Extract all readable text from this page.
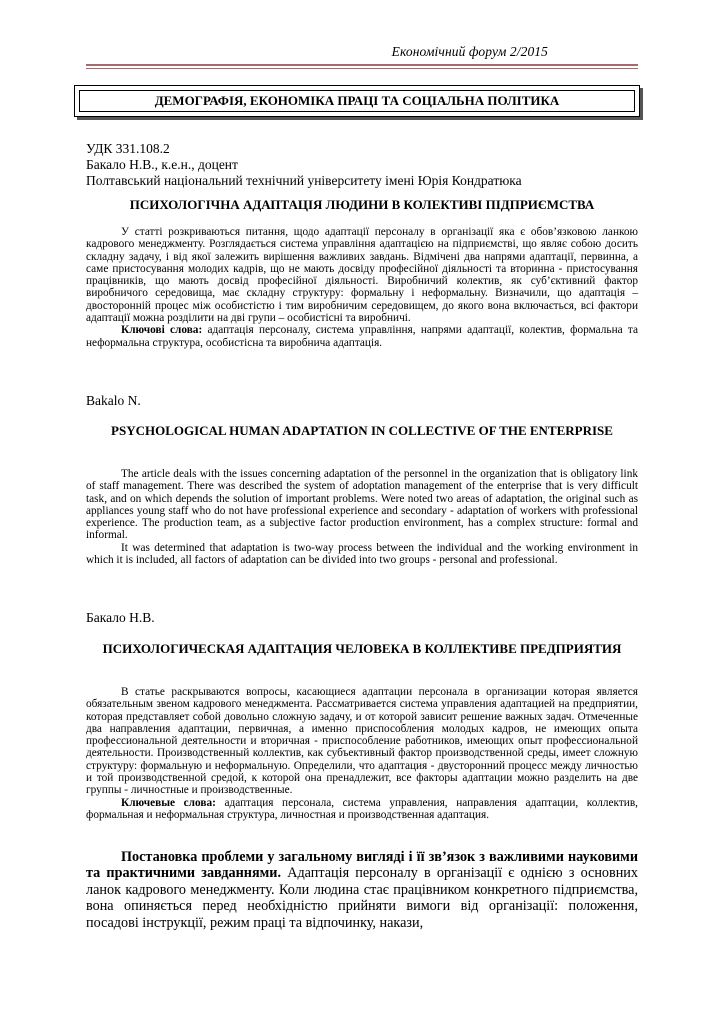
Економічний форум 2/2015
ДЕМОГРАФІЯ, ЕКОНОМІКА ПРАЦІ ТА СОЦІАЛЬНА ПОЛІТИКА
УДК 331.108.2
Бакало Н.В., к.е.н., доцент
Полтавський національний технічний університету імені Юрія Кондратюка
ПСИХОЛОГІЧНА АДАПТАЦІЯ ЛЮДИНИ В КОЛЕКТИВІ ПІДПРИЄМСТВА

У статті розкриваються питання, щодо адаптації персоналу в організації яка є обов’язковою ланкою кадрового менеджменту. Розглядається система управління адаптацією на підприємстві, що являє собою досить складну задачу, і від якої залежить вирішення важливих завдань. Відмічені два напрями адаптації, первинна, а саме пристосування молодих кадрів, що не мають досвіду професійної діяльності та вторинна - пристосування працівників, що мають досвід професійної діяльності. Виробничий колектив, як суб’єктивний фактор виробничого середовища, має складну структуру: формальну і неформальну. Визначили, що адаптація – двосторонній процес між особистістю і тим виробничим середовищем, до якого вона включається, всі фактори адаптації можна розділити на дві групи – особистісні та виробничі.

Ключові слова: адаптація персоналу, система управління, напрями адаптації, колектив, формальна та неформальна структура, особистісна та виробнича адаптація.

Bakalo N.
PSYCHOLOGICAL HUMAN ADAPTATION IN COLLECTIVE OF THE ENTERPRISE

The article deals with the issues concerning adaptation of the personnel in the organization that is obligatory link of staff management. There was described the system of adoptation management of the enterprise that is very difficult task, and on which depends the solution of important problems. Were noted two areas of adaptation, the original such as appliances young staff who do not have professional experience and secondary - adaptation of workers with professional experience. The production team, as a subjective factor production environment, has a complex structure: formal and informal.

It was determined that adaptation is two-way process between the individual and the working environment in which it is included, all factors of adaptation can be divided into two groups - personal and professional.

Бакало Н.В.
ПСИХОЛОГИЧЕСКАЯ АДАПТАЦИЯ ЧЕЛОВЕКА В КОЛЛЕКТИВЕ ПРЕДПРИЯТИЯ

В статье раскрываются вопросы, касающиеся адаптации персонала в организации которая является обязательным звеном кадрового менеджмента. Рассматривается система управления адаптацией на предприятии, которая представляет собой довольно сложную задачу, и от которой зависит решение важных задач. Отмеченные два направления адаптации, первичная, а именно приспособления молодых кадров, не имеющих опыта профессиональной деятельности и вторичная - приспособление работников, имеющих опыт профессиональной деятельности. Производственный коллектив, как субъективный фактор производственной среды, имеет сложную структуру: формальную и неформальную. Определили, что адаптация - двусторонний процесс между личностью и той производственной средой, к которой она пренадлежит, все факторы адаптации можно разделить на две группы - личностные и производственные.

Ключевые слова: адаптация персонала, система управления, направления адаптации, коллектив, формальная и неформальная структура, личностная и производственная адаптация.

Постановка проблеми у загальному вигляді і її зв’язок з важливими науковими та практичними завданнями. Адаптація персоналу в організації є однією з основних ланок кадрового менеджменту. Коли людина стає працівником конкретного підприємства, вона опиняється перед необхідністю прийняти вимоги від організації: положення, посадові інструкції, режим праці та відпочинку, накази,
